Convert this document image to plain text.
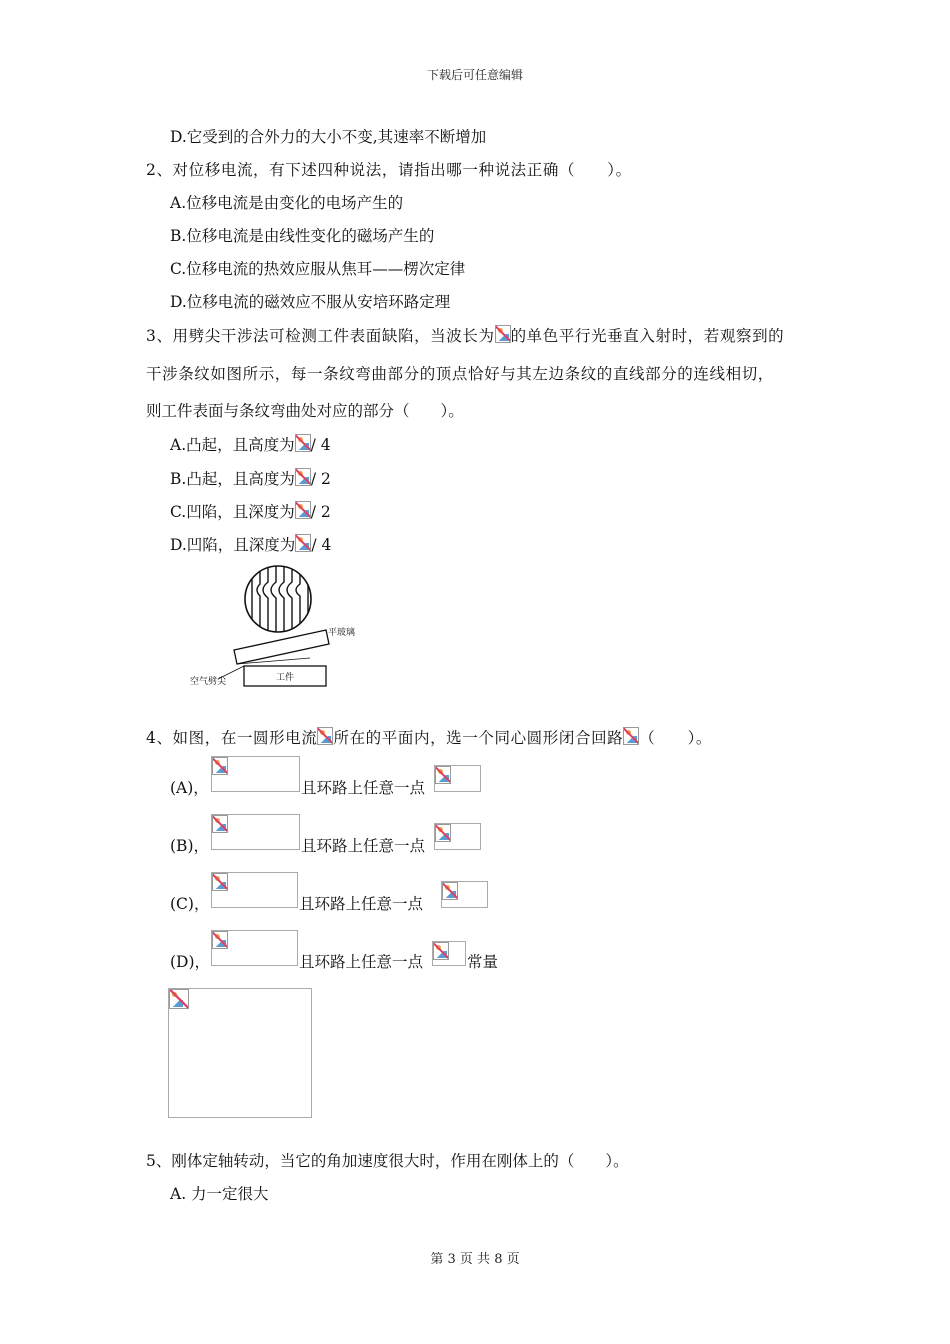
下载后可任意编辑
D.它受到的合外力的大小不变,其速率不断增加
2、对位移电流，有下述四种说法，请指出哪一种说法正确（　　）。
A.位移电流是由变化的电场产生的
B.位移电流是由线性变化的磁场产生的
C.位移电流的热效应服从焦耳——楞次定律
D.位移电流的磁效应不服从安培环路定理
3、用劈尖干涉法可检测工件表面缺陷，当波长为 的单色平行光垂直入射时，若观察到的
干涉条纹如图所示，每一条纹弯曲部分的顶点恰好与其左边条纹的直线部分的连线相切，
则工件表面与条纹弯曲处对应的部分（　　）。
A.凸起，且高度为 / 4
B.凸起，且高度为 / 2
C.凹陷，且深度为 / 2
D.凹陷，且深度为 / 4
平玻璃
工件
空气劈尖
4、如图，在一圆形电流 所在的平面内，选一个同心圆形闭合回路 （　　）。
(A)，	且环路上任意一点
(B)，	且环路上任意一点
(C)，	且环路上任意一点
(D)，	且环路上任意一点	常量
5、刚体定轴转动，当它的角加速度很大时，作用在刚体上的（　　）。
A. 力一定很大
第 3 页 共 8 页
